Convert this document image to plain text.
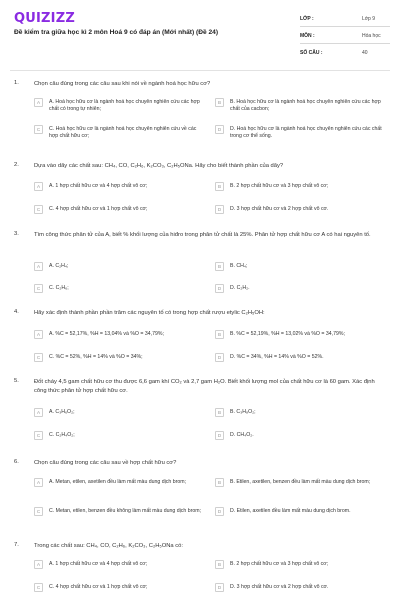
QUIZIZZ
Đề kiểm tra giữa học kì 2 môn Hoá 9 có đáp án (Mới nhất) (Đề 24)
LỚP :	Lớp 9
MÔN :	Hóa học
SỐ CÂU :	40
1.	Chọn câu đúng trong các câu sau khi nói về ngành hoá học hữu cơ?
A	A. Hoá học hữu cơ là ngành hoá học chuyên nghiên cứu các hợp chất có trong tự nhiên;
B	B. Hoá học hữu cơ là ngành hoá học chuyên nghiên cứu các hợp chất của cacbon;
C	C. Hoá học hữu cơ là ngành hoá học chuyên nghiên cứu về các hợp chất hữu cơ;
D	D. Hoá học hữu cơ là ngành hoá học chuyên nghiên cứu các chất trong cơ thể sống.
2.	Dựa vào dãy các chất sau: CH₄, CO, C₂H₆, K₂CO₃, C₂H₅ONa. Hãy cho biết thành phần của dãy?
A	A. 1 hợp chất hữu cơ và 4 hợp chất vô cơ;	B	B. 2 hợp chất hữu cơ và 3 hợp chất vô cơ;
C	C. 4 hợp chất hữu cơ và 1 hợp chất vô cơ;	D	D. 3 hợp chất hữu cơ và 2 hợp chất vô cơ.
3.	Tìm công thức phân tử của A, biết % khối lượng của hiđro trong phân tử chất là 25%. Phân tử hợp chất hữu cơ A có hai nguyên tố.
A	A. C₂H₄;	B	B. CH₄;
C	C. C₂H₆;	D	D. C₂H₂.
4.	Hãy xác định thành phần phần trăm các nguyên tố có trong hợp chất rượu etylic C₂H₅OH:
A	A. %C = 52,17%, %H = 13,04% và %O = 34,79%;	B	B. %C = 52,19%, %H = 13,02% và %O = 34,79%;
C	C. %C = 52%, %H = 14% và %O = 34%;	D	D. %C = 34%, %H = 14% và %O = 52%.
5.	Đốt cháy 4,5 gam chất hữu cơ thu được 6,6 gam khí CO₂ và 2,7 gam H₂O. Biết khối lượng mol của chất hữu cơ là 60 gam. Xác định công thức phân tử hợp chất hữu cơ.
A	A. C₃H₆O₂;	B	B. C₃H₈O₂;
C	C. C₂H₄O₂;	D	D. CH₄O₂.
6.	Chọn câu đúng trong các câu sau về hợp chất hữu cơ?
A	A. Metan, etilen, axetilen đều làm mất màu dung dịch brom;	B	B. Etilen, axetilen, benzen đều làm mất màu dung dịch brom;
C	C. Metan, etilen, benzen đều không làm mất màu dung dịch brom;	D	D. Etilen, axetilen đều làm mất màu dung dịch brom.
7.	Trong các chất sau: CH₄, CO, C₂H₆, K₂CO₃, C₂H₅ONa có:
A	A. 1 hợp chất hữu cơ và 4 hợp chất vô cơ;	B	B. 2 hợp chất hữu cơ và 3 hợp chất vô cơ;
C	C. 4 hợp chất hữu cơ và 1 hợp chất vô cơ;	D	D. 3 hợp chất hữu cơ và 2 hợp chất vô cơ.
